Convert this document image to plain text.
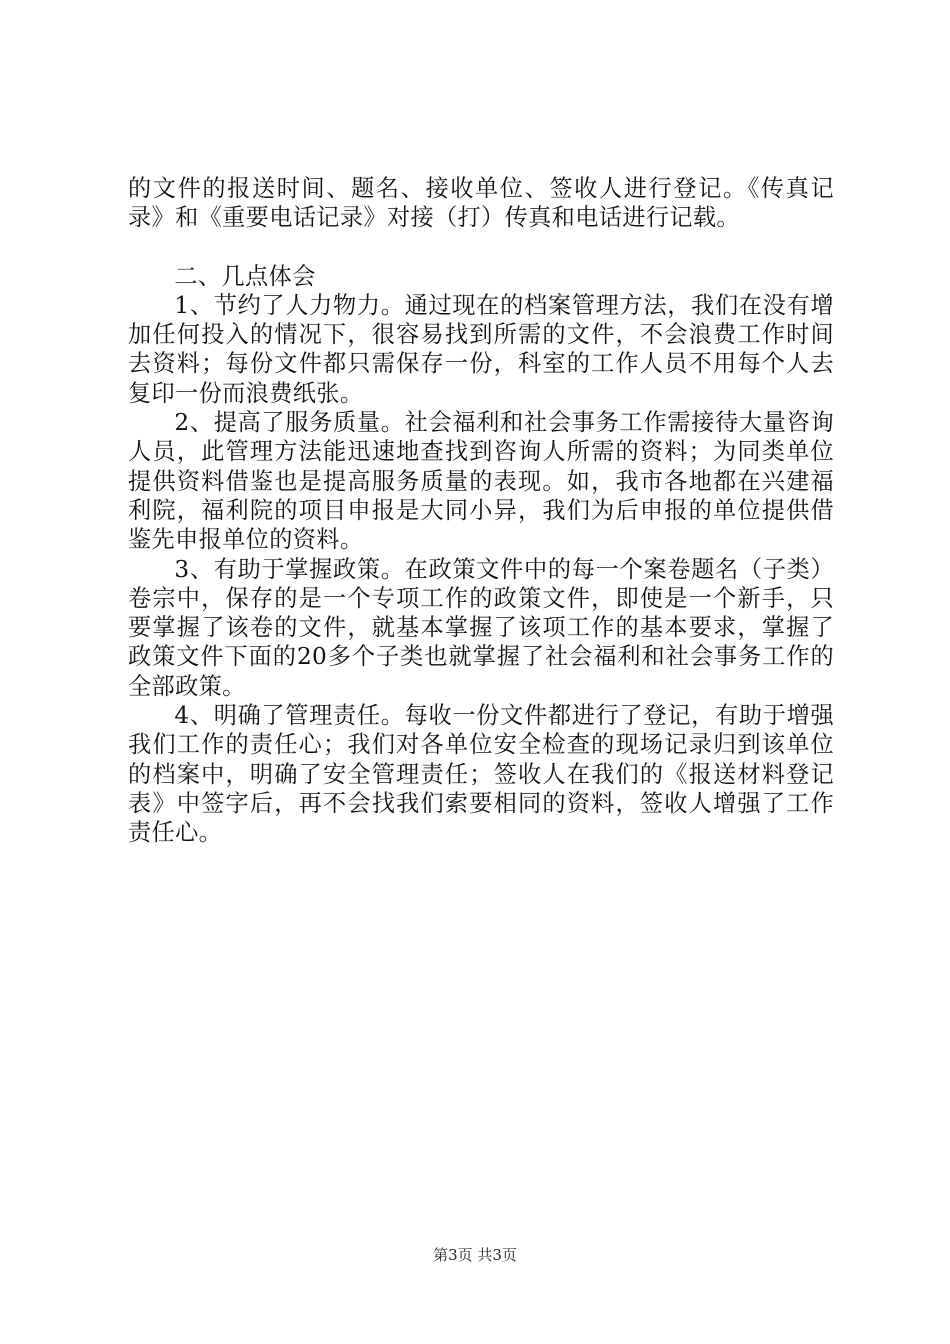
的文件的报送时间、题名、接收单位、签收人进行登记。《传真记录》和《重要电话记录》对接（打）传真和电话进行记载。

二、几点体会

1、节约了人力物力。通过现在的档案管理方法，我们在没有增加任何投入的情况下，很容易找到所需的文件，不会浪费工作时间去资料；每份文件都只需保存一份，科室的工作人员不用每个人去复印一份而浪费纸张。

2、提高了服务质量。社会福利和社会事务工作需接待大量咨询人员，此管理方法能迅速地查找到咨询人所需的资料；为同类单位提供资料借鉴也是提高服务质量的表现。如，我市各地都在兴建福利院，福利院的项目申报是大同小异，我们为后申报的单位提供借鉴先申报单位的资料。

3、有助于掌握政策。在政策文件中的每一个案卷题名（子类）卷宗中，保存的是一个专项工作的政策文件，即使是一个新手，只要掌握了该卷的文件，就基本掌握了该项工作的基本要求，掌握了政策文件下面的20多个子类也就掌握了社会福利和社会事务工作的全部政策。

4、明确了管理责任。每收一份文件都进行了登记，有助于增强我们工作的责任心；我们对各单位安全检查的现场记录归到该单位的档案中，明确了安全管理责任；签收人在我们的《报送材料登记表》中签字后，再不会找我们索要相同的资料，签收人增强了工作责任心。

第3页 共3页
